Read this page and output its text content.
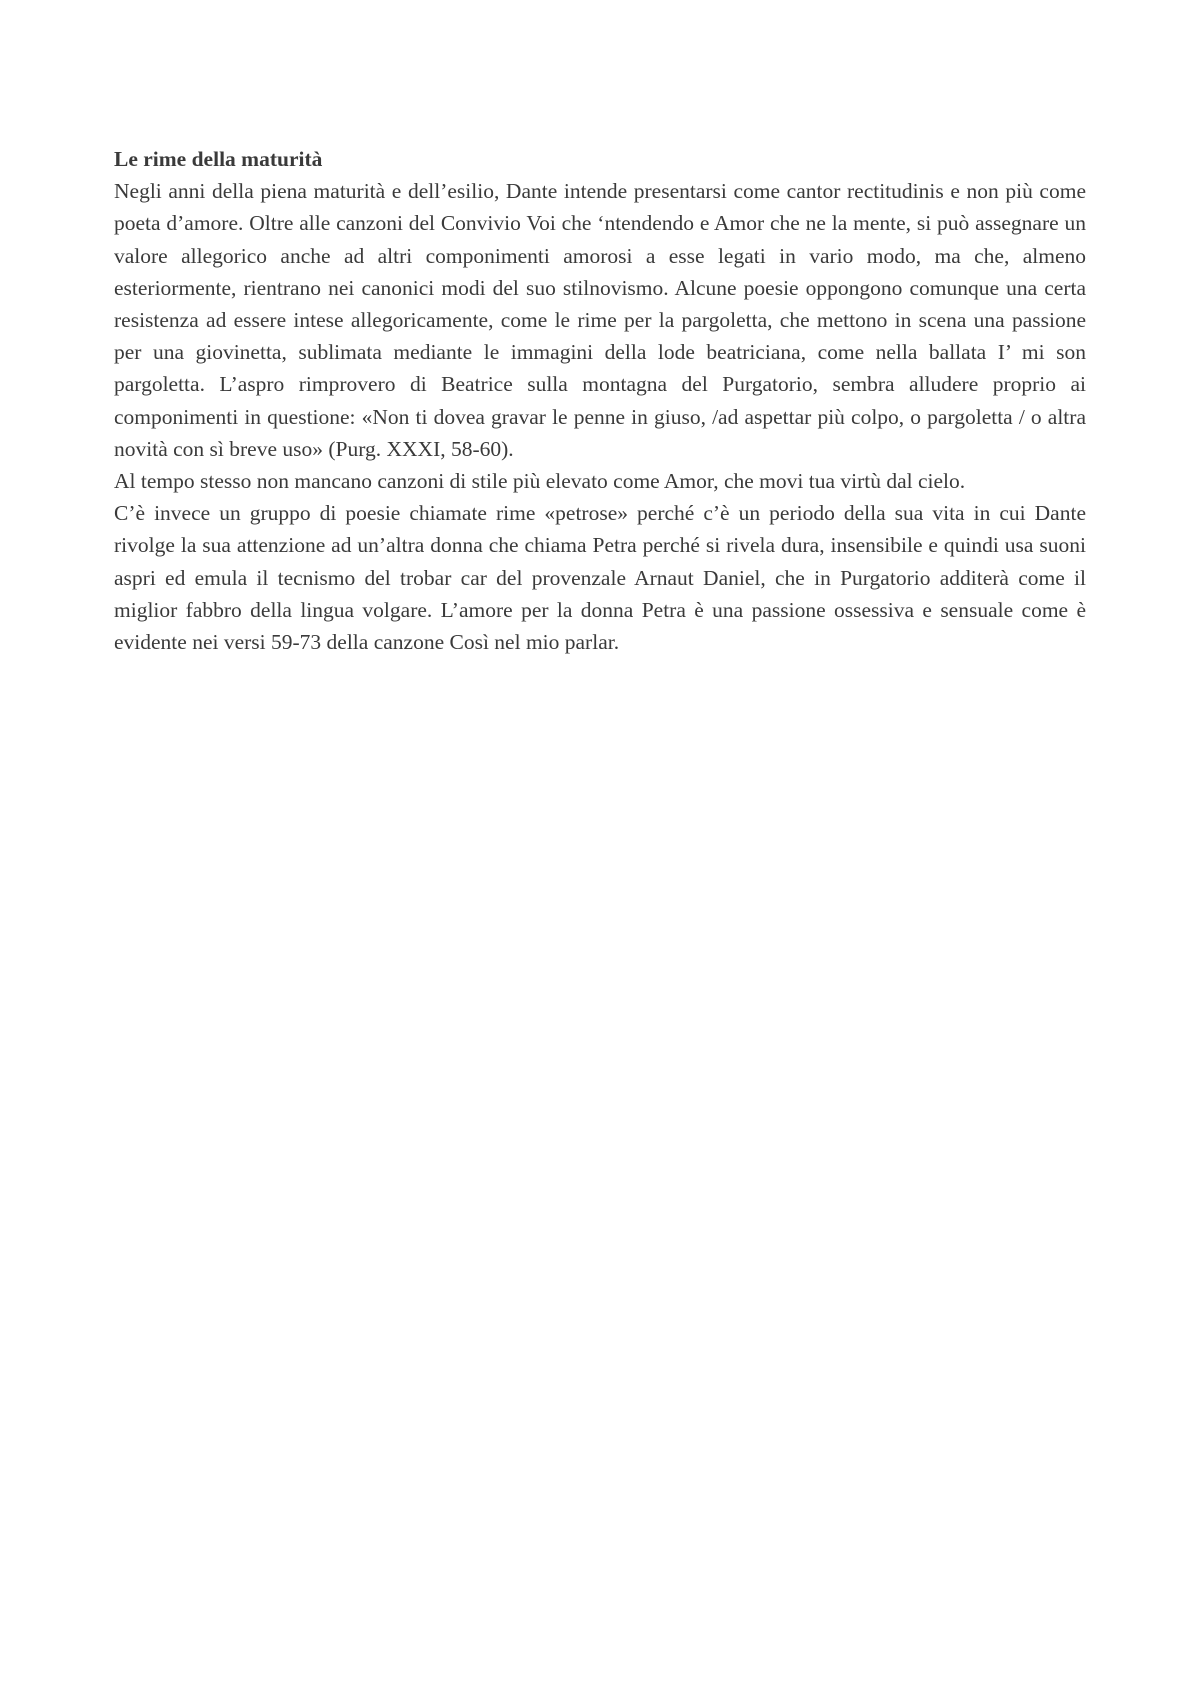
Le rime della maturità

Negli anni della piena maturità e dell’esilio, Dante intende presentarsi come cantor rectitudinis e non più come poeta d’amore. Oltre alle canzoni del Convivio Voi che ‘ntendendo e Amor che ne la mente, si può assegnare un valore allegorico anche ad altri componimenti amorosi a esse legati in vario modo, ma che, almeno esteriormente, rientrano nei canonici modi del suo stilnovismo. Alcune poesie oppongono comunque una certa resistenza ad essere intese allegoricamente, come le rime per la pargoletta, che mettono in scena una passione per una giovinetta, sublimata mediante le immagini della lode beatriciana, come nella ballata I’ mi son pargoletta. L’aspro rimprovero di Beatrice sulla montagna del Purgatorio, sembra alludere proprio ai componimenti in questione: «Non ti dovea gravar le penne in giuso, /ad aspettar più colpo, o pargoletta / o altra novità con sì breve uso» (Purg. XXXI, 58-60).

Al tempo stesso non mancano canzoni di stile più elevato come Amor, che movi tua virtù dal cielo.

C’è invece un gruppo di poesie chiamate rime «petrose» perché c’è un periodo della sua vita in cui Dante rivolge la sua attenzione ad un’altra donna che chiama Petra perché si rivela dura, insensibile e quindi usa suoni aspri ed emula il tecnismo del trobar car del provenzale Arnaut Daniel, che in Purgatorio additerà come il miglior fabbro della lingua volgare. L’amore per la donna Petra è una passione ossessiva e sensuale come è evidente nei versi 59-73 della canzone Così nel mio parlar.
